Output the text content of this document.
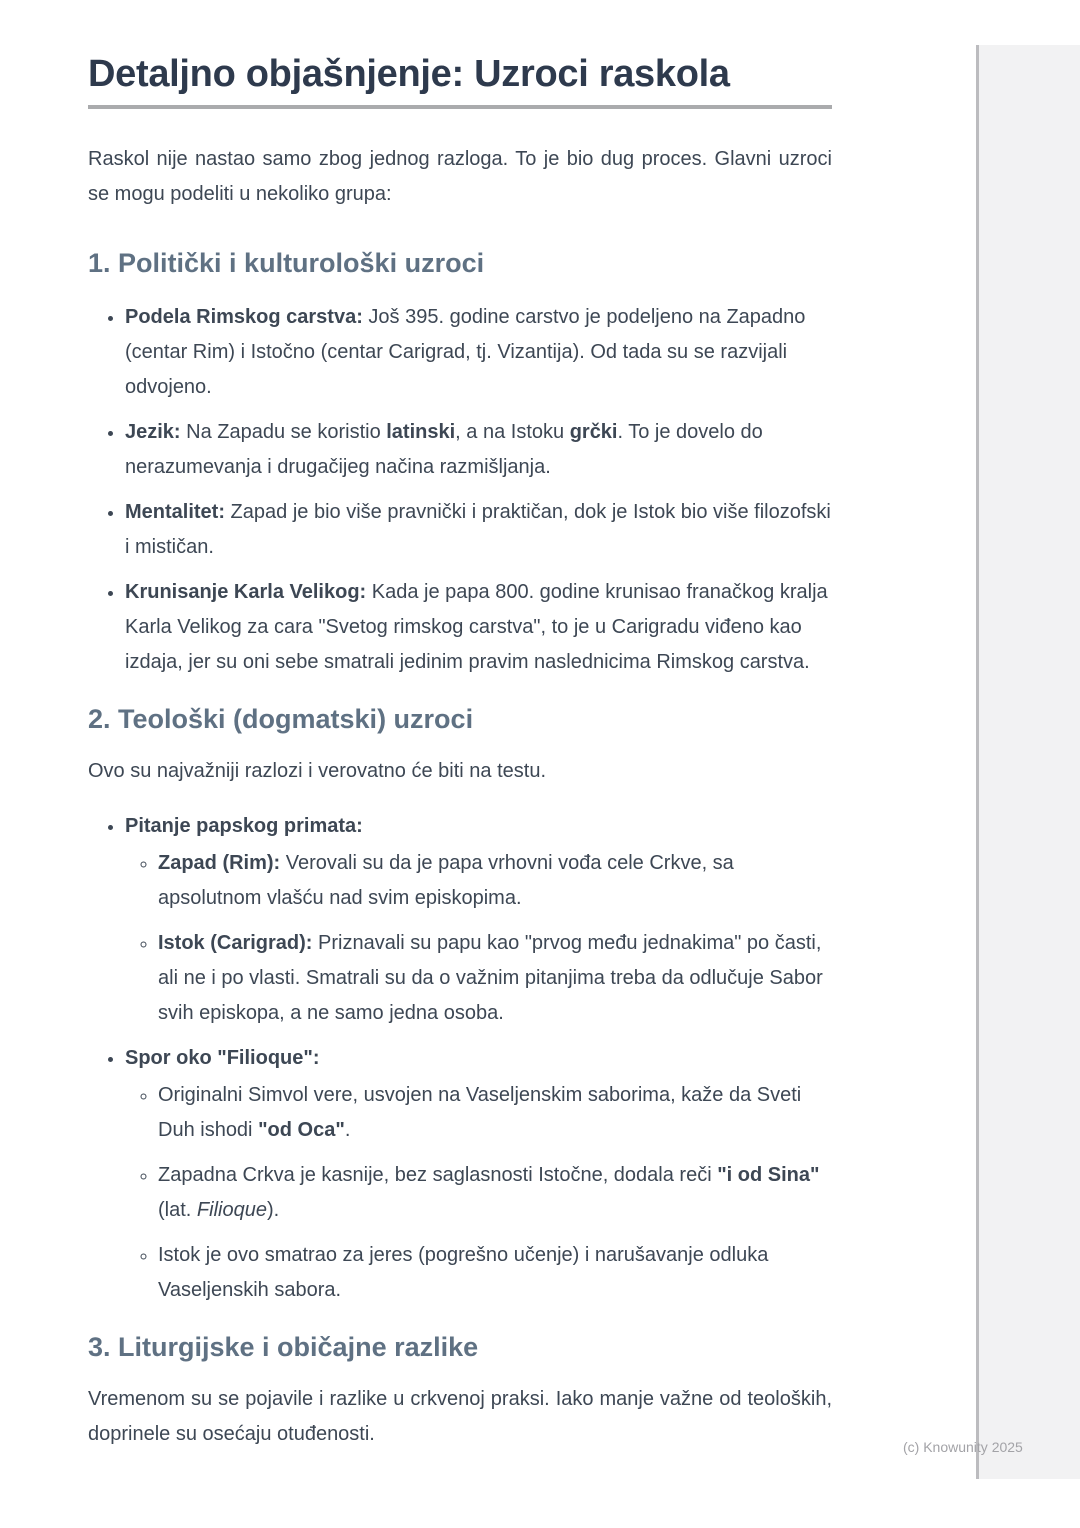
Detaljno objašnjenje: Uzroci raskola

Raskol nije nastao samo zbog jednog razloga. To je bio dug proces. Glavni uzroci se mogu podeliti u nekoliko grupa:

1. Politički i kulturološki uzroci
• Podela Rimskog carstva: Još 395. godine carstvo je podeljeno na Zapadno (centar Rim) i Istočno (centar Carigrad, tj. Vizantija). Od tada su se razvijali odvojeno.
• Jezik: Na Zapadu se koristio latinski, a na Istoku grčki. To je dovelo do nerazumevanja i drugačijeg načina razmišljanja.
• Mentalitet: Zapad je bio više pravnički i praktičan, dok je Istok bio više filozofski i mističan.
• Krunisanje Karla Velikog: Kada je papa 800. godine krunisao franačkog kralja Karla Velikog za cara "Svetog rimskog carstva", to je u Carigradu viđeno kao izdaja, jer su oni sebe smatrali jedinim pravim naslednicima Rimskog carstva.
2. Teološki (dogmatski) uzroci

Ovo su najvažniji razlozi i verovatno će biti na testu.

• Pitanje papskog primata:
◦ Zapad (Rim): Verovali su da je papa vrhovni vođa cele Crkve, sa apsolutnom vlašću nad svim episkopima.
◦ Istok (Carigrad): Priznavali su papu kao "prvog među jednakima" po časti, ali ne i po vlasti. Smatrali su da o važnim pitanjima treba da odlučuje Sabor svih episkopa, a ne samo jedna osoba.
• Spor oko "Filioque":
◦ Originalni Simvol vere, usvojen na Vaseljenskim saborima, kaže da Sveti Duh ishodi "od Oca".
◦ Zapadna Crkva je kasnije, bez saglasnosti Istočne, dodala reči "i od Sina" (lat. Filioque).
◦ Istok je ovo smatrao za jeres (pogrešno učenje) i narušavanje odluka Vaseljenskih sabora.
3. Liturgijske i običajne razlike

Vremenom su se pojavile i razlike u crkvenoj praksi. Iako manje važne od teoloških, doprinele su osećaju otuđenosti.

(c) Knowunity 2025
